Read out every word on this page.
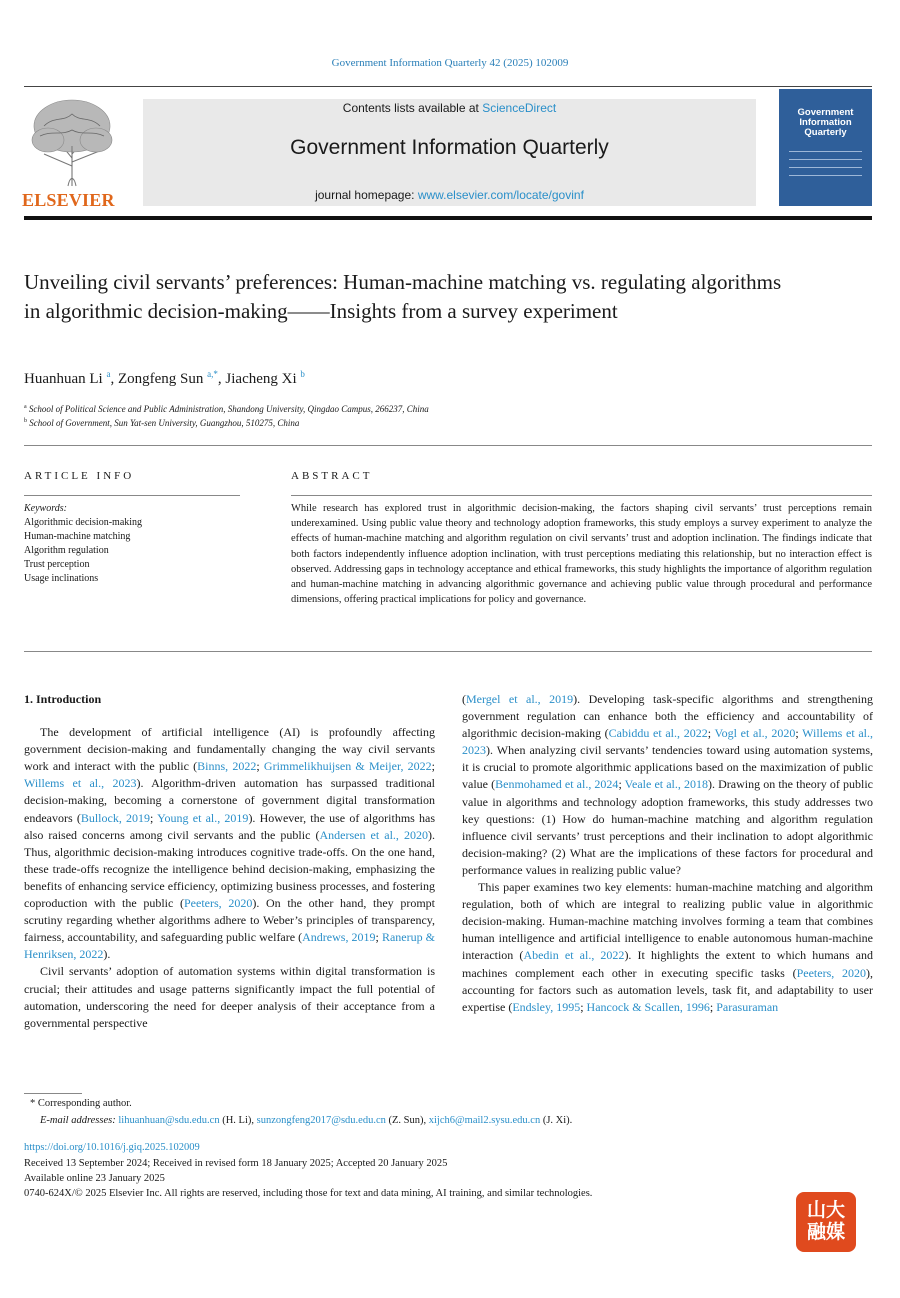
Government Information Quarterly 42 (2025) 102009
ELSEVIER
Contents lists available at ScienceDirect
Government Information Quarterly
journal homepage: www.elsevier.com/locate/govinf
Government
Information
Quarterly
Unveiling civil servants’ preferences: Human-machine matching vs. regulating algorithms in algorithmic decision-making——Insights from a survey experiment
Huanhuan Li $^a$, Zongfeng Sun $^{a,*}$, Jiacheng Xi $^b$
$^a$ School of Political Science and Public Administration, Shandong University, Qingdao Campus, 266237, China
$^b$ School of Government, Sun Yat-sen University, Guangzhou, 510275, China
ARTICLE INFO	ABSTRACT
Keywords:
Algorithmic decision-making
Human-machine matching
Algorithm regulation
Trust perception
Usage inclinations
While research has explored trust in algorithmic decision-making, the factors shaping civil servants’ trust perceptions remain underexamined. Using public value theory and technology adoption frameworks, this study employs a survey experiment to analyze the effects of human-machine matching and algorithm regulation on civil servants’ trust and adoption inclination. The findings indicate that both factors independently influence adoption inclination, with trust perceptions mediating this relationship, but no interaction effect is observed. Addressing gaps in technology acceptance and ethical frameworks, this study highlights the importance of algorithm regulation and human-machine matching in advancing algorithmic governance and achieving public value through procedural and performance dimensions, offering practical implications for policy and governance.
1. Introduction

The development of artificial intelligence (AI) is profoundly affecting government decision-making and fundamentally changing the way civil servants work and interact with the public (Binns, 2022; Grimmelikhuijsen & Meijer, 2022; Willems et al., 2023). Algorithm-driven automation has surpassed traditional decision-making, becoming a cornerstone of government digital transformation endeavors (Bullock, 2019; Young et al., 2019). However, the use of algorithms has also raised concerns among civil servants and the public (Andersen et al., 2020). Thus, algorithmic decision-making introduces cognitive trade-offs. On the one hand, these trade-offs recognize the intelligence behind decision-making, emphasizing the benefits of enhancing service efficiency, optimizing business processes, and fostering coproduction with the public (Peeters, 2020). On the other hand, they prompt scrutiny regarding whether algorithms adhere to Weber’s principles of transparency, fairness, accountability, and safeguarding public welfare (Andrews, 2019; Ranerup & Henriksen, 2022).

Civil servants’ adoption of automation systems within digital transformation is crucial; their attitudes and usage patterns significantly impact the full potential of automation, underscoring the need for deeper analysis of their acceptance from a governmental perspective

(Mergel et al., 2019). Developing task-specific algorithms and strengthening government regulation can enhance both the efficiency and accountability of algorithmic decision-making (Cabiddu et al., 2022; Vogl et al., 2020; Willems et al., 2023). When analyzing civil servants’ tendencies toward using automation systems, it is crucial to promote algorithmic applications based on the maximization of public value (Benmohamed et al., 2024; Veale et al., 2018). Drawing on the theory of public value in algorithms and technology adoption frameworks, this study addresses two key questions: (1) How do human-machine matching and algorithm regulation influence civil servants’ trust perceptions and their inclination to adopt algorithmic decision-making? (2) What are the implications of these factors for procedural and performance values in realizing public value?

This paper examines two key elements: human-machine matching and algorithm regulation, both of which are integral to realizing public value in algorithmic decision-making. Human-machine matching involves forming a team that combines human intelligence and artificial intelligence to enable autonomous human-machine interaction (Abedin et al., 2022). It highlights the extent to which humans and machines complement each other in executing specific tasks (Peeters, 2020), accounting for factors such as automation levels, task fit, and adaptability to user expertise (Endsley, 1995; Hancock & Scallen, 1996; Parasuraman

* Corresponding author.
E-mail addresses: lihuanhuan@sdu.edu.cn (H. Li), sunzongfeng2017@sdu.edu.cn (Z. Sun), xijch6@mail2.sysu.edu.cn (J. Xi).
https://doi.org/10.1016/j.giq.2025.102009
Received 13 September 2024; Received in revised form 18 January 2025; Accepted 20 January 2025
Available online 23 January 2025
0740-624X/© 2025 Elsevier Inc. All rights are reserved, including those for text and data mining, AI training, and similar technologies.
山大
融媒
